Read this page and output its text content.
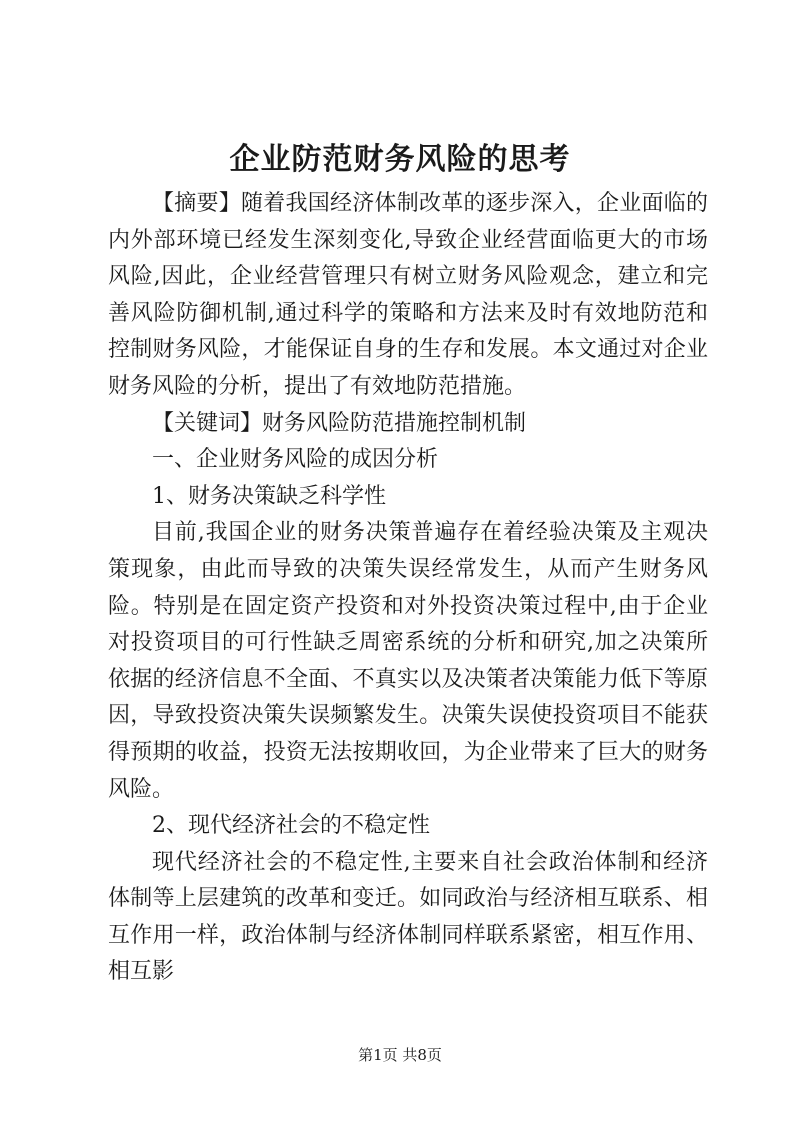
企业防范财务风险的思考

【摘要】随着我国经济体制改革的逐步深入，企业面临的内外部环境已经发生深刻变化,导致企业经营面临更大的市场风险,因此，企业经营管理只有树立财务风险观念，建立和完善风险防御机制,通过科学的策略和方法来及时有效地防范和控制财务风险，才能保证自身的生存和发展。本文通过对企业财务风险的分析，提出了有效地防范措施。

【关键词】财务风险防范措施控制机制

一、企业财务风险的成因分析

1、财务决策缺乏科学性

目前,我国企业的财务决策普遍存在着经验决策及主观决策现象，由此而导致的决策失误经常发生，从而产生财务风险。特别是在固定资产投资和对外投资决策过程中,由于企业对投资项目的可行性缺乏周密系统的分析和研究,加之决策所依据的经济信息不全面、不真实以及决策者决策能力低下等原因，导致投资决策失误频繁发生。决策失误使投资项目不能获得预期的收益，投资无法按期收回，为企业带来了巨大的财务风险。

2、现代经济社会的不稳定性

现代经济社会的不稳定性,主要来自社会政治体制和经济体制等上层建筑的改革和变迁。如同政治与经济相互联系、相互作用一样，政治体制与经济体制同样联系紧密，相互作用、相互影

第1页 共8页
